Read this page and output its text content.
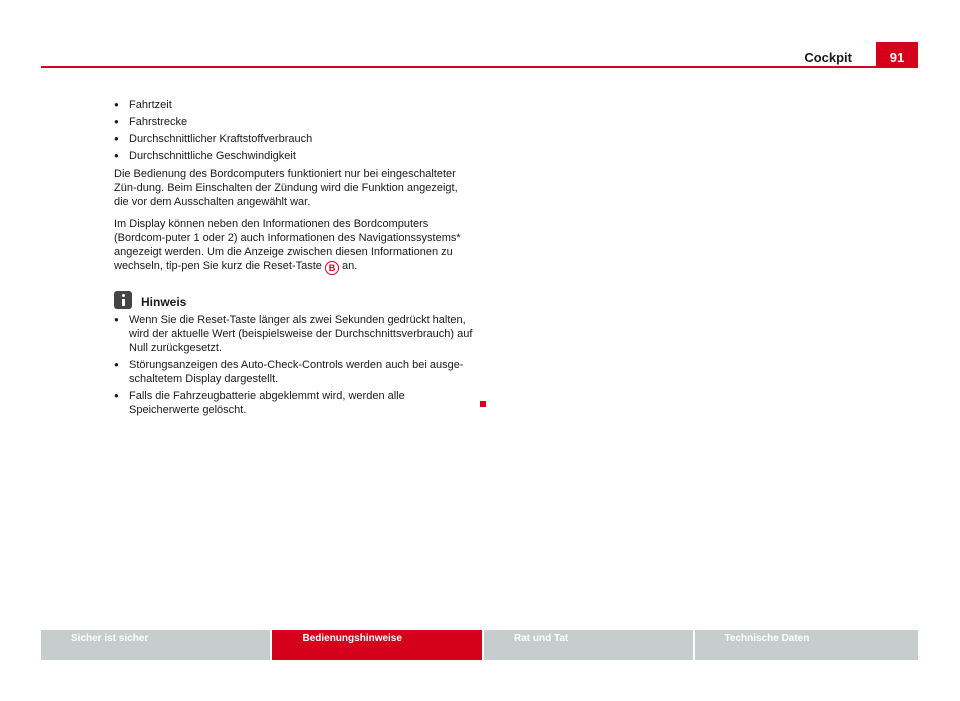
Cockpit	91
● Fahrtzeit
● Fahrstrecke
● Durchschnittlicher Kraftstoffverbrauch
● Durchschnittliche Geschwindigkeit

Die Bedienung des Bordcomputers funktioniert nur bei eingeschalteter Zün-dung. Beim Einschalten der Zündung wird die Funktion angezeigt, die vor dem Ausschalten angewählt war.

Im Display können neben den Informationen des Bordcomputers (Bordcom-puter 1 oder 2) auch Informationen des Navigationssystems* angezeigt werden. Um die Anzeige zwischen diesen Informationen zu wechseln, tip-pen Sie kurz die Reset-Taste B an.

Hinweis
● Wenn Sie die Reset-Taste länger als zwei Sekunden gedrückt halten, wird der aktuelle Wert (beispielsweise der Durchschnittsverbrauch) auf Null zurückgesetzt.
● Störungsanzeigen des Auto-Check-Controls werden auch bei ausge-schaltetem Display dargestellt.
● Falls die Fahrzeugbatterie abgeklemmt wird, werden alle Speicherwerte gelöscht.
Sicher ist sicher	Bedienungshinweise	Rat und Tat	Technische Daten
